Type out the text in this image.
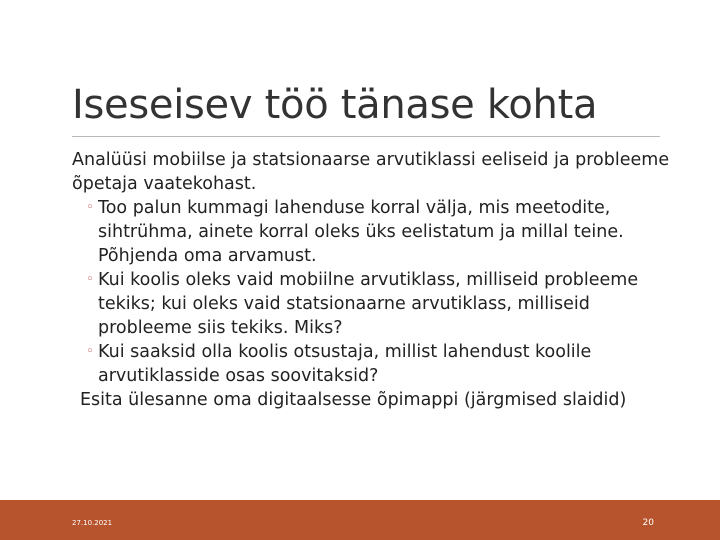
Iseseisev töö tänase kohta

Analüüsi mobiilse ja statsionaarse arvutiklassi eeliseid ja probleeme õpetaja vaatekohast.

◦ Too palun kummagi lahenduse korral välja, mis meetodite, sihtrühma, ainete korral oleks üks eelistatum ja millal teine. Põhjenda oma arvamust.
◦ Kui koolis oleks vaid mobiilne arvutiklass, milliseid probleeme tekiks; kui oleks vaid statsionaarne arvutiklass, milliseid probleeme siis tekiks. Miks?
◦ Kui saaksid olla koolis otsustaja, millist lahendust koolile arvutiklasside osas soovitaksid?

Esita ülesanne oma digitaalsesse õpimappi (järgmised slaidid)

27.10.2021	20
